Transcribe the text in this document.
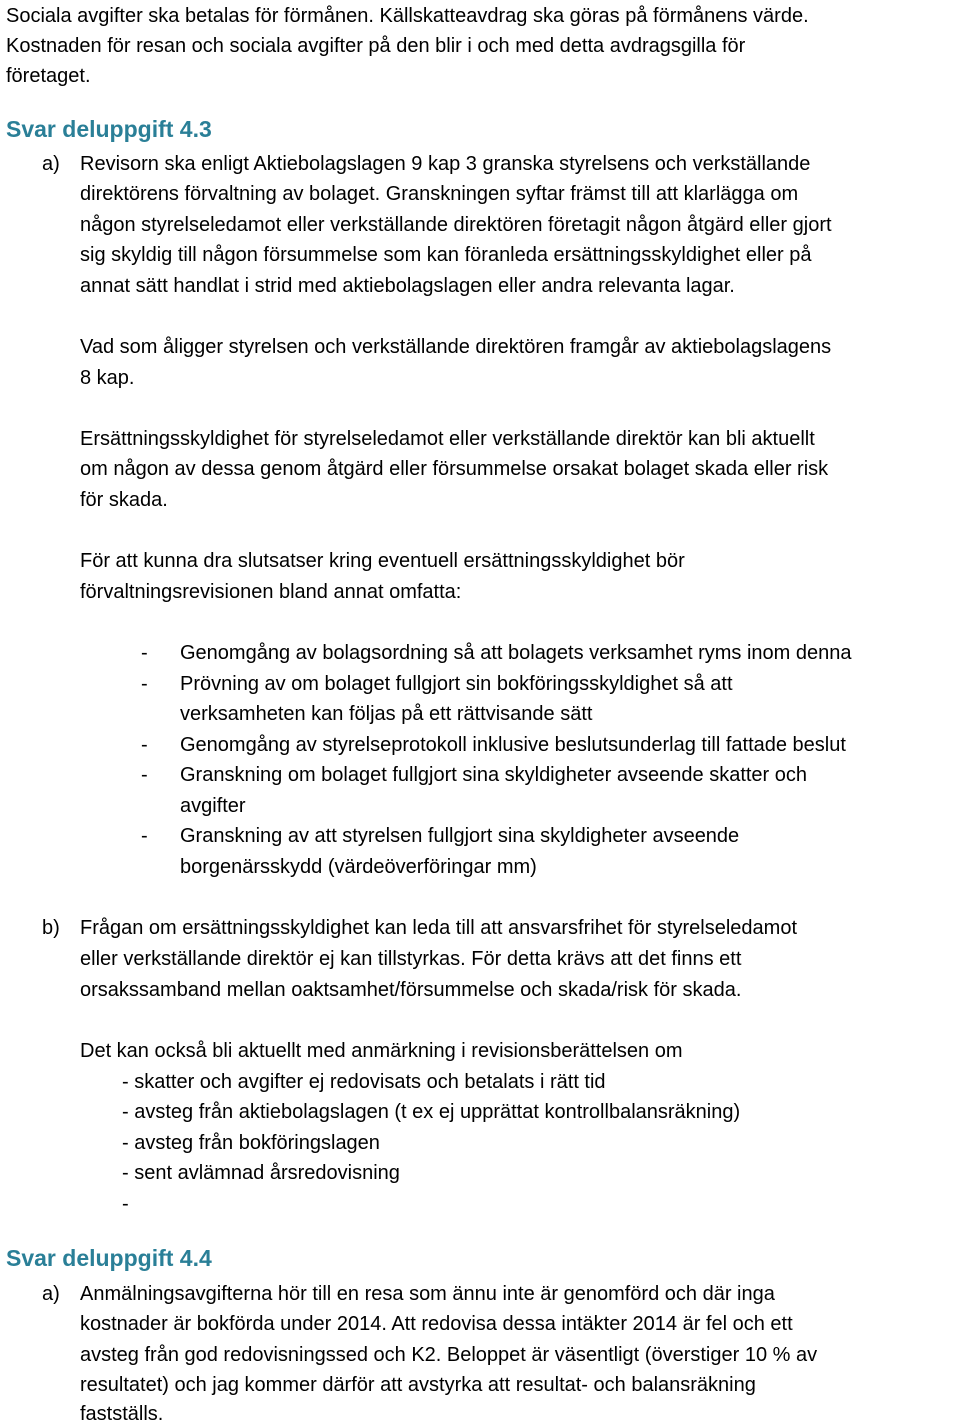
Sociala avgifter ska betalas för förmånen. Källskatteavdrag ska göras på förmånens värde.
Kostnaden för resan och sociala avgifter på den blir i och med detta avdragsgilla för
företaget.
Svar deluppgift 4.3
a) Revisorn ska enligt Aktiebolagslagen 9 kap 3 granska styrelsens och verkställande
direktörens förvaltning av bolaget. Granskningen syftar främst till att klarlägga om
någon styrelseledamot eller verkställande direktören företagit någon åtgärd eller gjort
sig skyldig till någon försummelse som kan föranleda ersättningsskyldighet eller på
annat sätt handlat i strid med aktiebolagslagen eller andra relevanta lagar.
Vad som åligger styrelsen och verkställande direktören framgår av aktiebolagslagens
8 kap.
Ersättningsskyldighet för styrelseledamot eller verkställande direktör kan bli aktuellt
om någon av dessa genom åtgärd eller försummelse orsakat bolaget skada eller risk
för skada.
För att kunna dra slutsatser kring eventuell ersättningsskyldighet bör
förvaltningsrevisionen bland annat omfatta:
- Genomgång av bolagsordning så att bolagets verksamhet ryms inom denna
- Prövning av om bolaget fullgjort sin bokföringsskyldighet så att
verksamheten kan följas på ett rättvisande sätt
- Genomgång av styrelseprotokoll inklusive beslutsunderlag till fattade beslut
- Granskning om bolaget fullgjort sina skyldigheter avseende skatter och
avgifter
- Granskning av att styrelsen fullgjort sina skyldigheter avseende
borgenärsskydd (värdeöverföringar mm)
b) Frågan om ersättningsskyldighet kan leda till att ansvarsfrihet för styrelseledamot
eller verkställande direktör ej kan tillstyrkas. För detta krävs att det finns ett
orsakssamband mellan oaktsamhet/försummelse och skada/risk för skada.
Det kan också bli aktuellt med anmärkning i revisionsberättelsen om
- skatter och avgifter ej redovisats och betalats i rätt tid
- avsteg från aktiebolagslagen (t ex ej upprättat kontrollbalansräkning)
- avsteg från bokföringslagen
- sent avlämnad årsredovisning
-
Svar deluppgift 4.4
a) Anmälningsavgifterna hör till en resa som ännu inte är genomförd och där inga
kostnader är bokförda under 2014. Att redovisa dessa intäkter 2014 är fel och ett
avsteg från god redovisningssed och K2. Beloppet är väsentligt (överstiger 10 % av
resultatet) och jag kommer därför att avstyrka att resultat- och balansräkning
fastställs.
